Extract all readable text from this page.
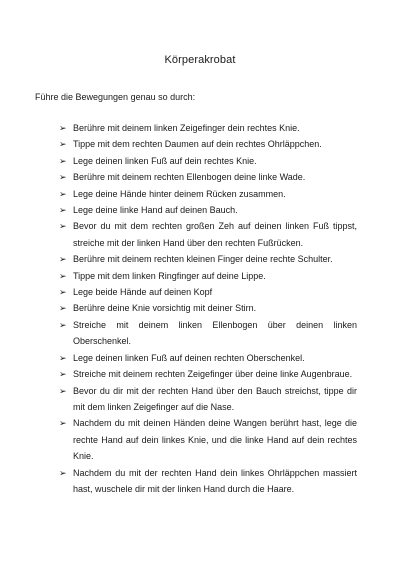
Körperakrobat
Führe die Bewegungen genau so durch:
➢ Berühre mit deinem linken Zeigefinger dein rechtes Knie.
➢ Tippe mit dem rechten Daumen auf dein rechtes Ohrläppchen.
➢ Lege deinen linken Fuß auf dein rechtes Knie.
➢ Berühre mit deinem rechten Ellenbogen deine linke Wade.
➢ Lege deine Hände hinter deinem Rücken zusammen.
➢ Lege deine linke Hand auf deinen Bauch.
➢ Bevor du mit dem rechten großen Zeh auf deinen linken Fuß tippst, streiche mit der linken Hand über den rechten Fußrücken.
➢ Berühre mit deinem rechten kleinen Finger deine rechte Schulter.
➢ Tippe mit dem linken Ringfinger auf deine Lippe.
➢ Lege beide Hände auf deinen Kopf
➢ Berühre deine Knie vorsichtig mit deiner Stirn.
➢ Streiche mit deinem linken Ellenbogen über deinen linken Oberschenkel.
➢ Lege deinen linken Fuß auf deinen rechten Oberschenkel.
➢ Streiche mit deinem rechten Zeigefinger über deine linke Augenbraue.
➢ Bevor du dir mit der rechten Hand über den Bauch streichst, tippe dir mit dem linken Zeigefinger auf die Nase.
➢ Nachdem du mit deinen Händen deine Wangen berührt hast, lege die rechte Hand auf dein linkes Knie, und die linke Hand auf dein rechtes Knie.
➢ Nachdem du mit der rechten Hand dein linkes Ohrläppchen massiert hast, wuschele dir mit der linken Hand durch die Haare.
